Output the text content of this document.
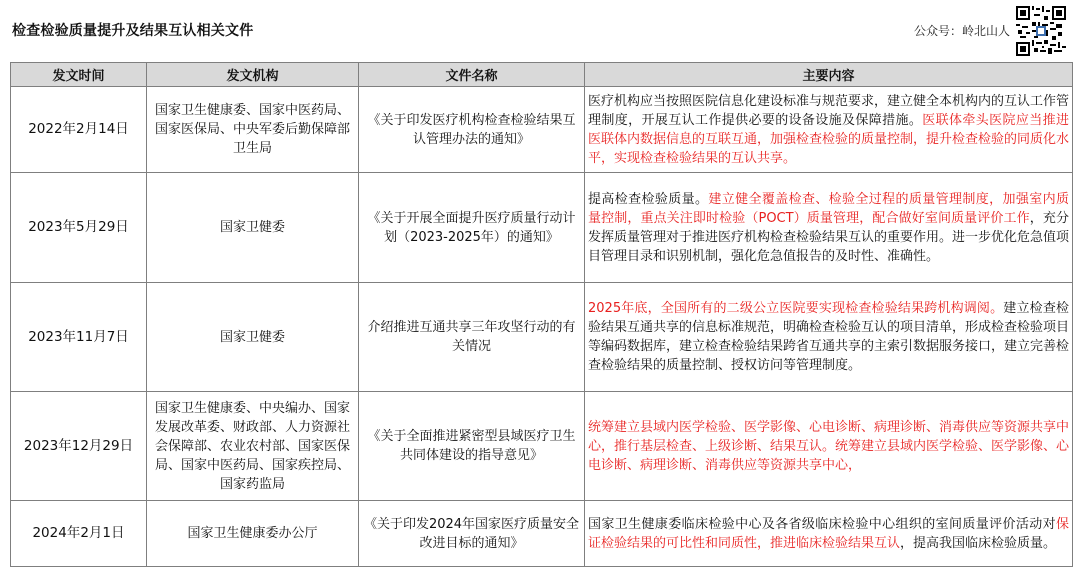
检查检验质量提升及结果互认相关文件	公众号：岭北山人
发文时间	发文机构	文件名称	主要内容
2022年2月14日	国家卫生健康委、国家中医药局、国家医保局、中央军委后勤保障部卫生局	《关于印发医疗机构检查检验结果互认管理办法的通知》	医疗机构应当按照医院信息化建设标准与规范要求，建立健全本机构内的互认工作管理制度，开展互认工作提供必要的设备设施及保障措施。医联体牵头医院应当推进医联体内数据信息的互联互通，加强检查检验的质量控制，提升检查检验的同质化水平，实现检查检验结果的互认共享。
2023年5月29日	国家卫健委	《关于开展全面提升医疗质量行动计划（2023-2025年）的通知》	提高检查检验质量。建立健全覆盖检查、检验全过程的质量管理制度，加强室内质量控制，重点关注即时检验（POCT）质量管理，配合做好室间质量评价工作，充分发挥质量管理对于推进医疗机构检查检验结果互认的重要作用。进一步优化危急值项目管理目录和识别机制，强化危急值报告的及时性、准确性。
2023年11月7日	国家卫健委	介绍推进互通共享三年攻坚行动的有关情况	2025年底，全国所有的二级公立医院要实现检查检验结果跨机构调阅。建立检查检验结果互通共享的信息标准规范，明确检查检验互认的项目清单，形成检查检验项目等编码数据库，建立检查检验结果跨省互通共享的主索引数据服务接口，建立完善检查检验结果的质量控制、授权访问等管理制度。
2023年12月29日	国家卫生健康委、中央编办、国家发展改革委、财政部、人力资源社会保障部、农业农村部、国家医保局、国家中医药局、国家疾控局、国家药监局	《关于全面推进紧密型县域医疗卫生共同体建设的指导意见》	统筹建立县域内医学检验、医学影像、心电诊断、病理诊断、消毒供应等资源共享中心，推行基层检查、上级诊断、结果互认。统筹建立县域内医学检验、医学影像、心电诊断、病理诊断、消毒供应等资源共享中心，
2024年2月1日	国家卫生健康委办公厅	《关于印发2024年国家医疗质量安全改进目标的通知》	国家卫生健康委临床检验中心及各省级临床检验中心组织的室间质量评价活动对保证检验结果的可比性和同质性，推进临床检验结果互认，提高我国临床检验质量。
